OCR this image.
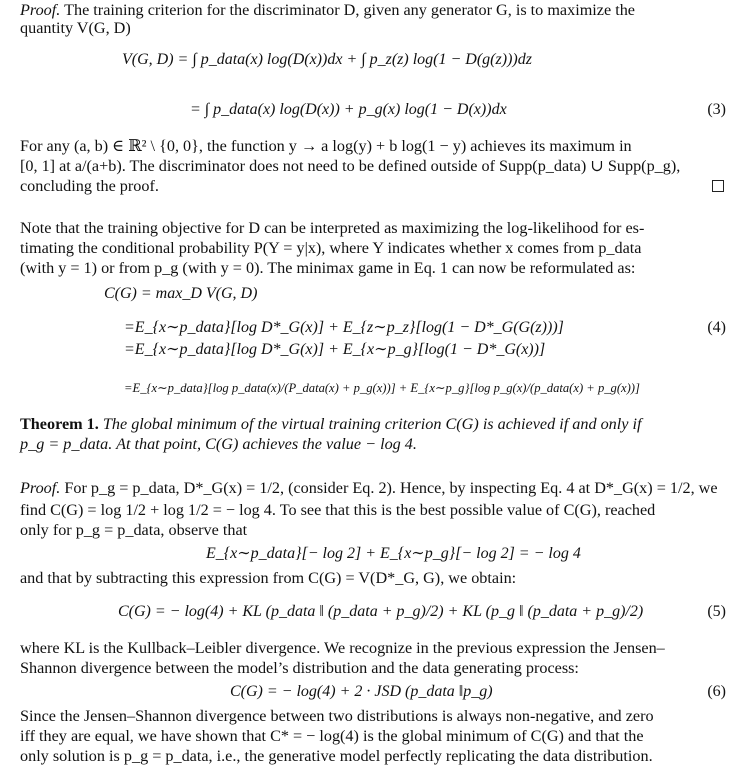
Proof. The training criterion for the discriminator D, given any generator G, is to maximize the
quantity V(G, D)
V(G, D) = ∫ p_data(x) log(D(x))dx + ∫ p_z(z) log(1 − D(g(z)))dz
= ∫ p_data(x) log(D(x)) + p_g(x) log(1 − D(x))dx	(3)
For any (a, b) ∈ ℝ² \ {0, 0}, the function y → a log(y) + b log(1 − y) achieves its maximum in
[0, 1] at a/(a+b). The discriminator does not need to be defined outside of Supp(p_data) ∪ Supp(p_g),
concluding the proof.
Note that the training objective for D can be interpreted as maximizing the log-likelihood for es-
timating the conditional probability P(Y = y|x), where Y indicates whether x comes from p_data
(with y = 1) or from p_g (with y = 0). The minimax game in Eq. 1 can now be reformulated as:
C(G) = max_D V(G, D)
=E_{x∼p_data}[log D*_G(x)] + E_{z∼p_z}[log(1 − D*_G(G(z)))]
=E_{x∼p_data}[log D*_G(x)] + E_{x∼p_g}[log(1 − D*_G(x))]
=E_{x∼p_data}[log p_data(x)/(P_data(x) + p_g(x))] + E_{x∼p_g}[log p_g(x)/(p_data(x) + p_g(x))]
(4)
Theorem 1. The global minimum of the virtual training criterion C(G) is achieved if and only if
p_g = p_data. At that point, C(G) achieves the value − log 4.
Proof. For p_g = p_data, D*_G(x) = 1/2, (consider Eq. 2). Hence, by inspecting Eq. 4 at D*_G(x) = 1/2, we
find C(G) = log 1/2 + log 1/2 = − log 4. To see that this is the best possible value of C(G), reached
only for p_g = p_data, observe that
E_{x∼p_data}[− log 2] + E_{x∼p_g}[− log 2] = − log 4
and that by subtracting this expression from C(G) = V(D*_G, G), we obtain:
C(G) = − log(4) + KL (p_data ‖ (p_data + p_g)/2) + KL (p_g ‖ (p_data + p_g)/2)	(5)
where KL is the Kullback–Leibler divergence. We recognize in the previous expression the Jensen–
Shannon divergence between the model’s distribution and the data generating process:
C(G) = − log(4) + 2 · JSD (p_data ‖p_g)	(6)
Since the Jensen–Shannon divergence between two distributions is always non-negative, and zero
iff they are equal, we have shown that C* = − log(4) is the global minimum of C(G) and that the
only solution is p_g = p_data, i.e., the generative model perfectly replicating the data distribution.
